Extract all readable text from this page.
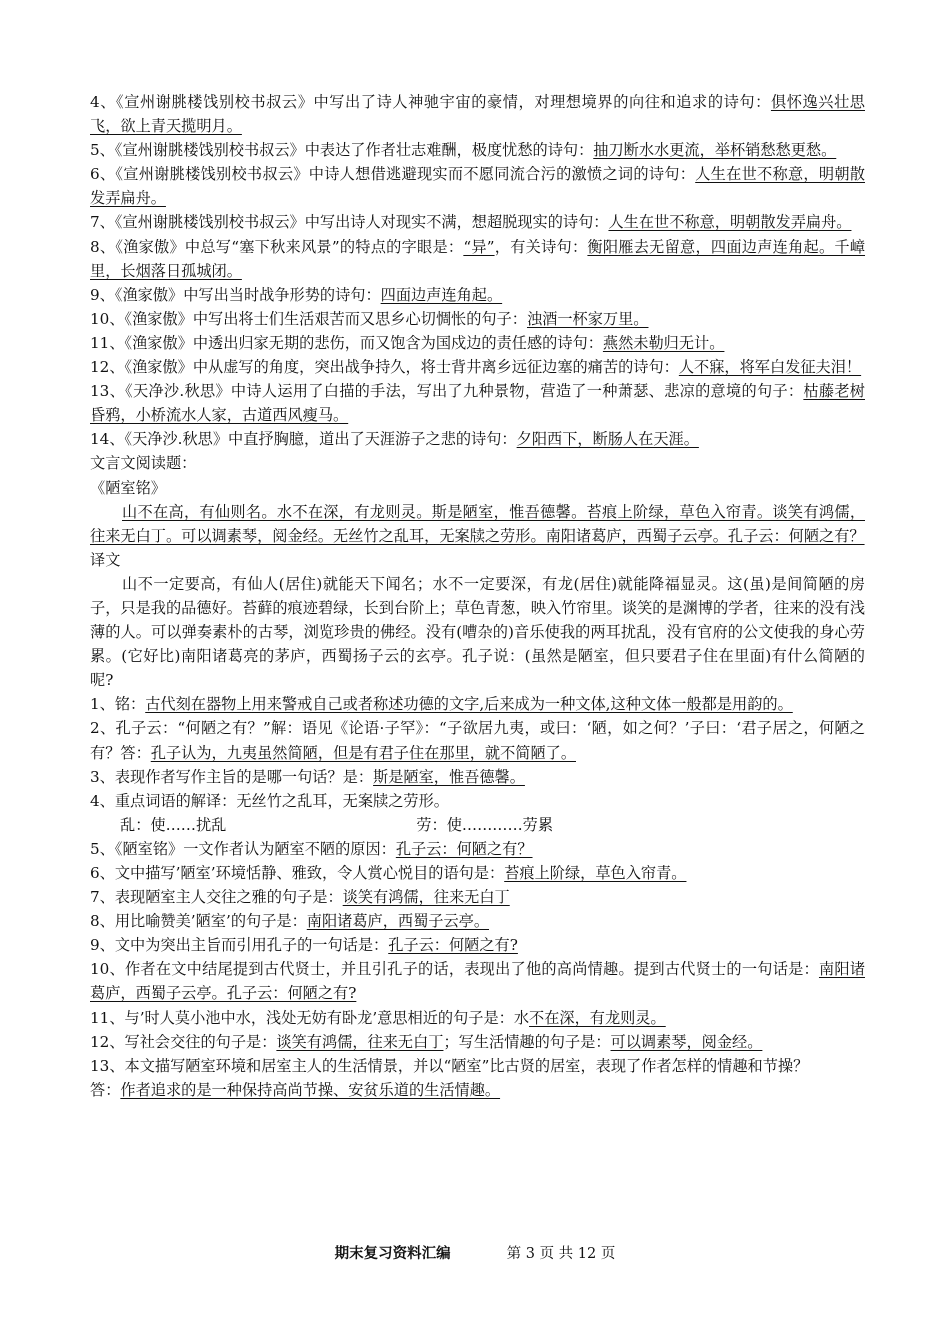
4、《宣州谢朓楼饯别校书叔云》中写出了诗人神驰宇宙的豪情，对理想境界的向往和追求的诗句：俱怀逸兴壮思飞，欲上青天揽明月。

5、《宣州谢朓楼饯别校书叔云》中表达了作者壮志难酬，极度忧愁的诗句：抽刀断水水更流，举杯销愁愁更愁。

6、《宣州谢朓楼饯别校书叔云》中诗人想借逃避现实而不愿同流合污的激愤之词的诗句：人生在世不称意，明朝散发弄扁舟。

7、《宣州谢朓楼饯别校书叔云》中写出诗人对现实不满，想超脱现实的诗句：人生在世不称意，明朝散发弄扁舟。

8、《渔家傲》中总写“塞下秋来风景”的特点的字眼是：“异”，有关诗句：衡阳雁去无留意，四面边声连角起。千嶂里，长烟落日孤城闭。

9、《渔家傲》中写出当时战争形势的诗句：四面边声连角起。

10、《渔家傲》中写出将士们生活艰苦而又思乡心切惆怅的句子：浊酒一杯家万里。

11、《渔家傲》中透出归家无期的悲伤，而又饱含为国戍边的责任感的诗句：燕然未勒归无计。

12、《渔家傲》中从虚写的角度，突出战争持久，将士背井离乡远征边塞的痛苦的诗句：人不寐，将军白发征夫泪！

13、《天净沙.秋思》中诗人运用了白描的手法，写出了九种景物，营造了一种萧瑟、悲凉的意境的句子：枯藤老树昏鸦，小桥流水人家，古道西风瘦马。

14、《天净沙.秋思》中直抒胸臆，道出了天涯游子之悲的诗句：夕阳西下，断肠人在天涯。

文言文阅读题：

《陋室铭》

山不在高，有仙则名。水不在深，有龙则灵。斯是陋室，惟吾德馨。苔痕上阶绿，草色入帘青。谈笑有鸿儒，往来无白丁。可以调素琴，阅金经。无丝竹之乱耳，无案牍之劳形。南阳诸葛庐，西蜀子云亭。孔子云：何陋之有？

译文

山不一定要高，有仙人(居住)就能天下闻名；水不一定要深，有龙(居住)就能降福显灵。这(虽)是间简陋的房子，只是我的品德好。苔藓的痕迹碧绿，长到台阶上；草色青葱，映入竹帘里。谈笑的是渊博的学者，往来的没有浅薄的人。可以弹奏素朴的古琴，浏览珍贵的佛经。没有(嘈杂的)音乐使我的两耳扰乱，没有官府的公文使我的身心劳累。(它好比)南阳诸葛亮的茅庐，西蜀扬子云的玄亭。孔子说：(虽然是陋室，但只要君子住在里面)有什么简陋的呢?

1、铭：古代刻在器物上用来警戒自己或者称述功德的文字,后来成为一种文体,这种文体一般都是用韵的。

2、孔子云：“何陋之有？”解：语见《论语·子罕》：“子欲居九夷，或曰：‘陋，如之何？’子曰：‘君子居之，何陋之有？答：孔子认为，九夷虽然简陋，但是有君子住在那里，就不简陋了。

3、表现作者写作主旨的是哪一句话？是：斯是陋室，惟吾德馨。

4、重点词语的解译：无丝竹之乱耳，无案牍之劳形。

乱：使……扰乱	劳：使…………劳累

5、《陋室铭》一文作者认为陋室不陋的原因：孔子云：何陋之有？

6、文中描写’陋室’环境恬静、雅致，令人赏心悦目的语句是：苔痕上阶绿，草色入帘青。

7、表现陋室主人交往之雅的句子是：谈笑有鸿儒，往来无白丁

8、用比喻赞美’陋室’的句子是：南阳诸葛庐，西蜀子云亭。

9、文中为突出主旨而引用孔子的一句话是：孔子云：何陋之有?

10、作者在文中结尾提到古代贤士，并且引孔子的话，表现出了他的高尚情趣。提到古代贤士的一句话是：南阳诸葛庐，西蜀子云亭。孔子云：何陋之有?

11、与’时人莫小池中水，浅处无妨有卧龙’意思相近的句子是：水不在深，有龙则灵。

12、写社会交往的句子是：谈笑有鸿儒，往来无白丁；写生活情趣的句子是：可以调素琴，阅金经。

13、本文描写陋室环境和居室主人的生活情景，并以“陋室”比古贤的居室，表现了作者怎样的情趣和节操？

答：作者追求的是一种保持高尚节操、安贫乐道的生活情趣。

期末复习资料汇编	第 3 页 共 12 页
